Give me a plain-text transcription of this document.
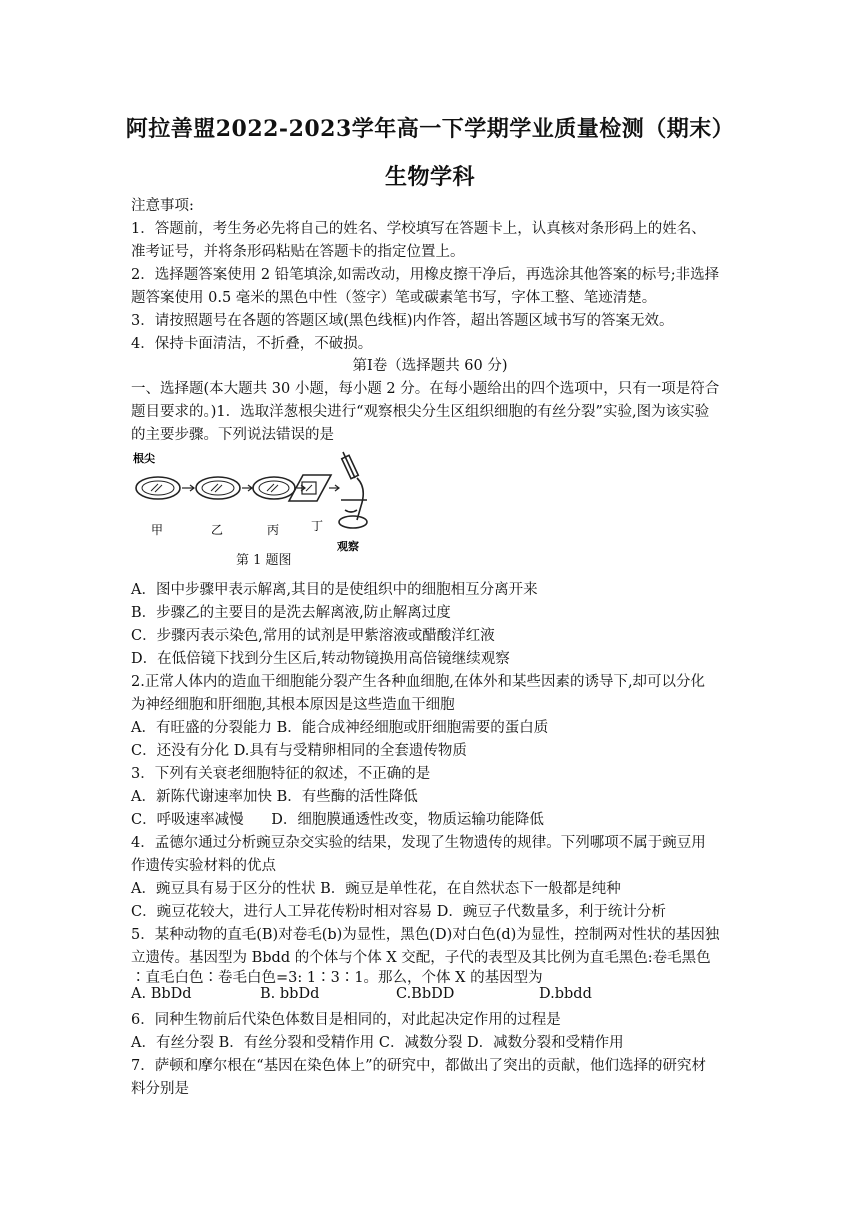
阿拉善盟2022-2023学年高一下学期学业质量检测（期末）
生物学科
注意事项:
1．答题前，考生务必先将自己的姓名、学校填写在答题卡上，认真核对条形码上的姓名、
准考证号，并将条形码粘贴在答题卡的指定位置上。
2．选择题答案使用 2 铅笔填涂,如需改动，用橡皮擦干净后，再选涂其他答案的标号;非选择
题答案使用 0.5 毫米的黑色中性（签字）笔或碳素笔书写，字体工整、笔迹清楚。
3．请按照题号在各题的答题区域(黑色线框)内作答，超出答题区域书写的答案无效。
4．保持卡面清洁，不折叠，不破损。
第Ⅰ卷（选择题共 60 分)
一、选择题(本大题共 30 小题，每小题 2 分。在每小题给出的四个选项中，只有一项是符合
题目要求的。)1．选取洋葱根尖进行“观察根尖分生区组织细胞的有丝分裂”实验,图为该实验
的主要步骤。下列说法错误的是
根尖
甲	乙	丙	丁
观察
第 1 题图
A．图中步骤甲表示解离,其目的是使组织中的细胞相互分离开来
B．步骤乙的主要目的是洗去解离液,防止解离过度
C．步骤丙表示染色,常用的试剂是甲紫溶液或醋酸洋红液
D．在低倍镜下找到分生区后,转动物镜换用高倍镜继续观察
2.正常人体内的造血干细胞能分裂产生各种血细胞,在体外和某些因素的诱导下,却可以分化
为神经细胞和肝细胞,其根本原因是这些造血干细胞
A．有旺盛的分裂能力 B．能合成神经细胞或肝细胞需要的蛋白质
C．还没有分化 D.具有与受精卵相同的全套遗传物质
3．下列有关衰老细胞特征的叙述，不正确的是
A．新陈代谢速率加快 B．有些酶的活性降低
C．呼吸速率减慢      D．细胞膜通透性改变，物质运输功能降低
4．孟德尔通过分析豌豆杂交实验的结果，发现了生物遗传的规律。下列哪项不属于豌豆用
作遗传实验材料的优点
A．豌豆具有易于区分的性状 B．豌豆是单性花，在自然状态下一般都是纯种
C．豌豆花较大，进行人工异花传粉时相对容易 D．豌豆子代数量多，利于统计分析
5．某种动物的直毛(B)对卷毛(b)为显性，黑色(D)对白色(d)为显性，控制两对性状的基因独
立遗传。基因型为 Bbdd 的个体与个体 X 交配，子代的表型及其比例为直毛黑色:卷毛黑色
∶直毛白色∶卷毛白色=3: 1∶3∶1。那么，个体 X 的基因型为
A. BbDd	B. bbDd	C.BbDD	D.bbdd
6．同种生物前后代染色体数目是相同的，对此起决定作用的过程是
A．有丝分裂 B．有丝分裂和受精作用 C．减数分裂 D．减数分裂和受精作用
7．萨顿和摩尔根在“基因在染色体上”的研究中，都做出了突出的贡献，他们选择的研究材
料分别是
